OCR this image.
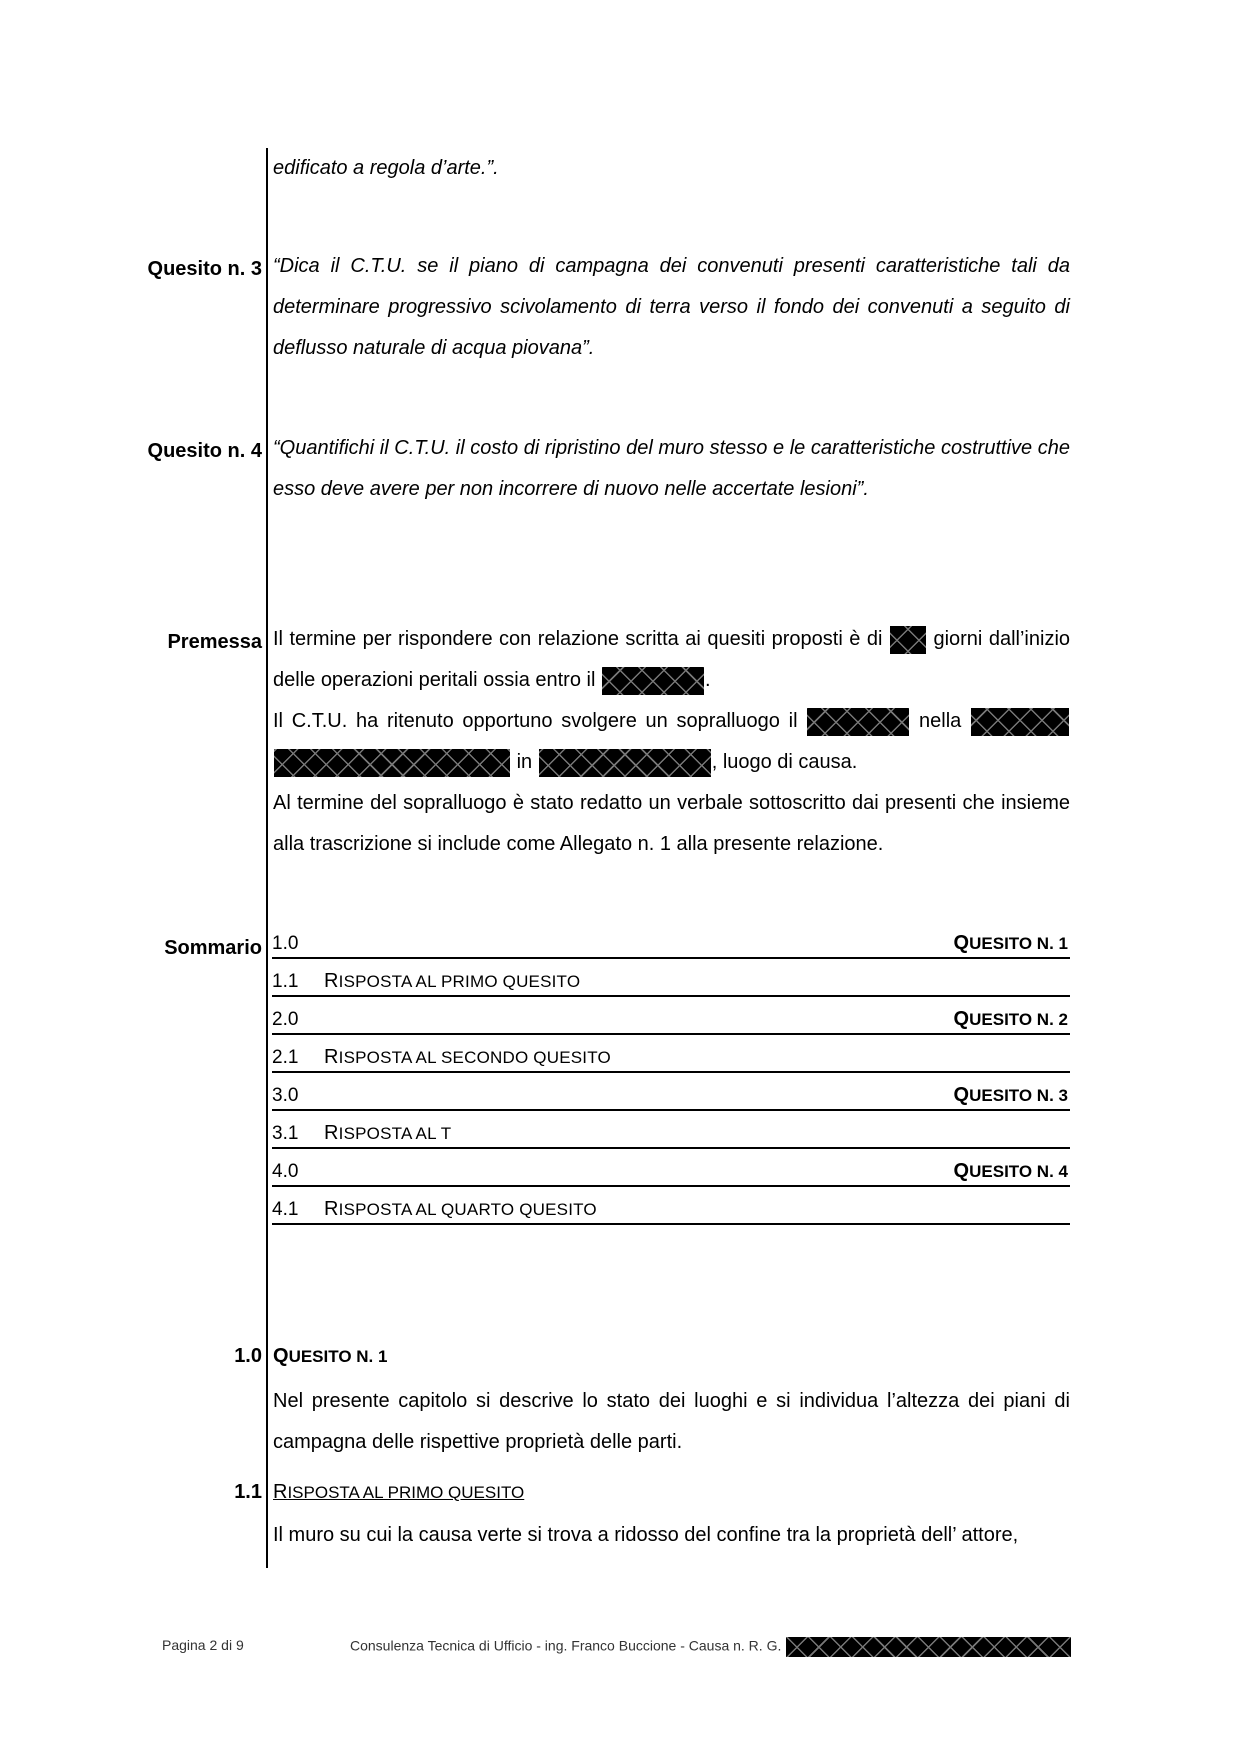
edificato a regola d’arte.”.
Quesito n. 3 “Dica il C.T.U. se il piano di campagna dei convenuti presenti caratteristiche tali da determinare progressivo scivolamento di terra verso il fondo dei convenuti a seguito di deflusso naturale di acqua piovana”.
Quesito n. 4 “Quantifichi il C.T.U. il costo di ripristino del muro stesso e le caratteristiche costruttive che esso deve avere per non incorrere di nuovo nelle accertate lesioni”.
Premessa Il termine per rispondere con relazione scritta ai quesiti proposti è di	giorni dall’inizio delle operazioni peritali ossia entro il	.
Il C.T.U. ha ritenuto opportuno svolgere un sopralluogo il	nella   in	, luogo di causa.
Al termine del sopralluogo è stato redatto un verbale sottoscritto dai presenti che insieme alla trascrizione si include come Allegato n. 1 alla presente relazione.
Sommario 1.0	QUESITO N. 1
1.1 RISPOSTA AL PRIMO QUESITO
2.0	QUESITO N. 2
2.1 RISPOSTA AL SECONDO QUESITO
3.0	QUESITO N. 3
3.1 RISPOSTA AL T
4.0	QUESITO N. 4
4.1 RISPOSTA AL QUARTO QUESITO
1.0 QUESITO N. 1
Nel presente capitolo si descrive lo stato dei luoghi e si individua l’altezza dei piani di campagna delle rispettive proprietà delle parti.
1.1 RISPOSTA AL PRIMO QUESITO
Il muro su cui la causa verte si trova a ridosso del confine tra la proprietà dell’ attore,
Pagina 2 di 9	Consulenza Tecnica di Ufficio - ing. Franco Buccione - Causa n. R. G.
